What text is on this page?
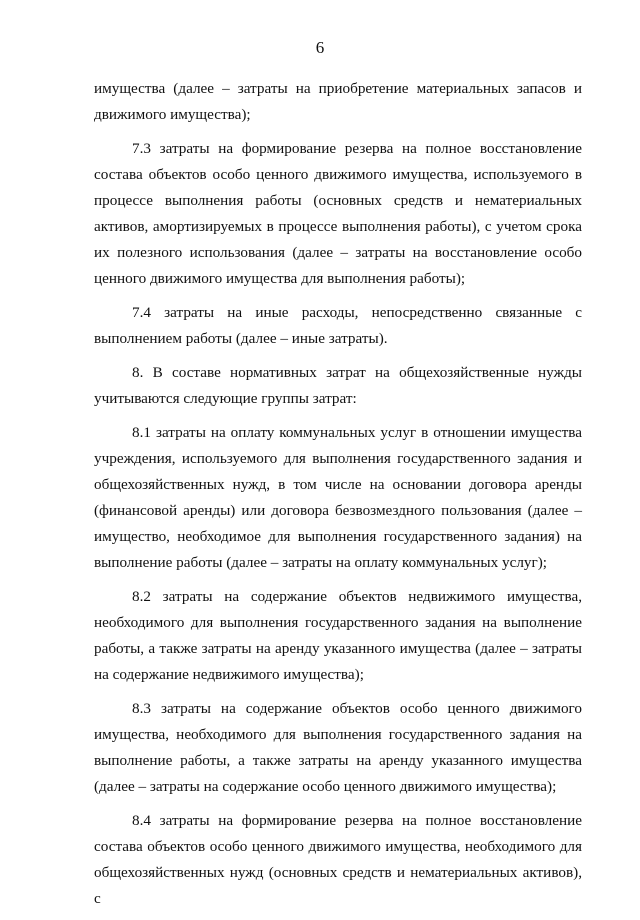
6

имущества (далее – затраты на приобретение материальных запасов и движимого имущества);

7.3 затраты на формирование резерва на полное восстановление состава объектов особо ценного движимого имущества, используемого в процессе выполнения работы (основных средств и нематериальных активов, амортизируемых в процессе выполнения работы), с учетом срока их полезного использования (далее – затраты на восстановление особо ценного движимого имущества для выполнения работы);

7.4 затраты на иные расходы, непосредственно связанные с выполнением работы (далее – иные затраты).

8. В составе нормативных затрат на общехозяйственные нужды учитываются следующие группы затрат:

8.1 затраты на оплату коммунальных услуг в отношении имущества учреждения, используемого для выполнения государственного задания и общехозяйственных нужд, в том числе на основании договора аренды (финансовой аренды) или договора безвозмездного пользования (далее – имущество, необходимое для выполнения государственного задания) на выполнение работы (далее – затраты на оплату коммунальных услуг);

8.2 затраты на содержание объектов недвижимого имущества, необходимого для выполнения государственного задания на выполнение работы, а также затраты на аренду указанного имущества (далее – затраты на содержание недвижимого имущества);

8.3 затраты на содержание объектов особо ценного движимого имущества, необходимого для выполнения государственного задания на выполнение работы, а также затраты на аренду указанного имущества (далее – затраты на содержание особо ценного движимого имущества);

8.4 затраты на формирование резерва на полное восстановление состава объектов особо ценного движимого имущества, необходимого для общехозяйственных нужд (основных средств и нематериальных активов), с
